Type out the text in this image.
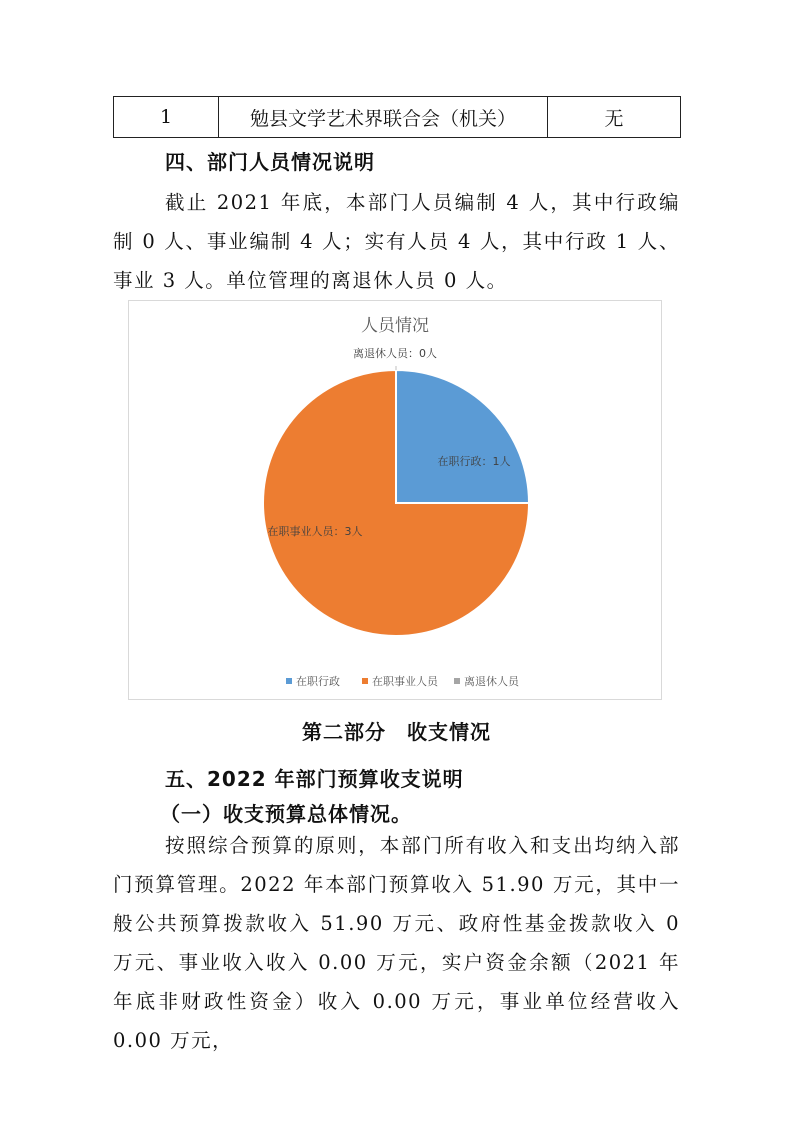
1	勉县文学艺术界联合会（机关）	无
四、部门人员情况说明

截止 2021 年底，本部门人员编制 4 人，其中行政编制 0 人、事业编制 4 人；实有人员 4 人，其中行政 1 人、事业 3 人。单位管理的离退休人员 0 人。

人员情况
在职行政：1人
在职事业人员：3人
离退休人员：0人
在职行政	在职事业人员 离退休人员
第二部分　收支情况
五、2022 年部门预算收支说明
（一）收支预算总体情况。

按照综合预算的原则，本部门所有收入和支出均纳入部门预算管理。2022 年本部门预算收入 51.90 万元，其中一般公共预算拨款收入 51.90 万元、政府性基金拨款收入 0 万元、事业收入收入 0.00 万元，实户资金余额（2021 年年底非财政性资金）收入 0.00 万元，事业单位经营收入 0.00 万元，
